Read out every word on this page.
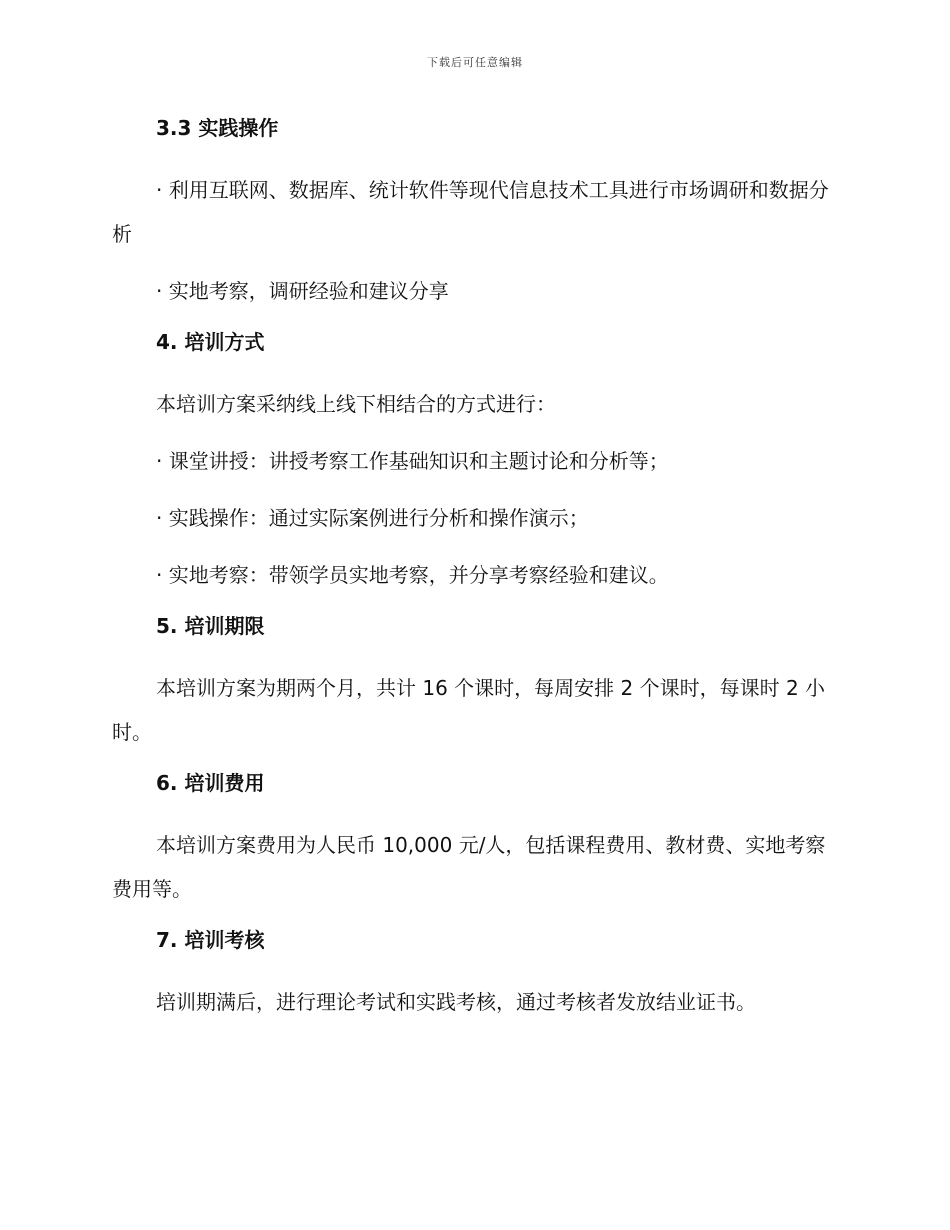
下载后可任意编辑
3.3 实践操作
· 利用互联网、数据库、统计软件等现代信息技术工具进行市场调研和数据分析
· 实地考察，调研经验和建议分享
4. 培训方式
本培训方案采纳线上线下相结合的方式进行：
· 课堂讲授：讲授考察工作基础知识和主题讨论和分析等；
· 实践操作：通过实际案例进行分析和操作演示；
· 实地考察：带领学员实地考察，并分享考察经验和建议。
5. 培训期限
本培训方案为期两个月，共计 16 个课时，每周安排 2 个课时，每课时 2 小时。
6. 培训费用
本培训方案费用为人民币 10,000 元/人，包括课程费用、教材费、实地考察费用等。
7. 培训考核
培训期满后，进行理论考试和实践考核，通过考核者发放结业证书。
